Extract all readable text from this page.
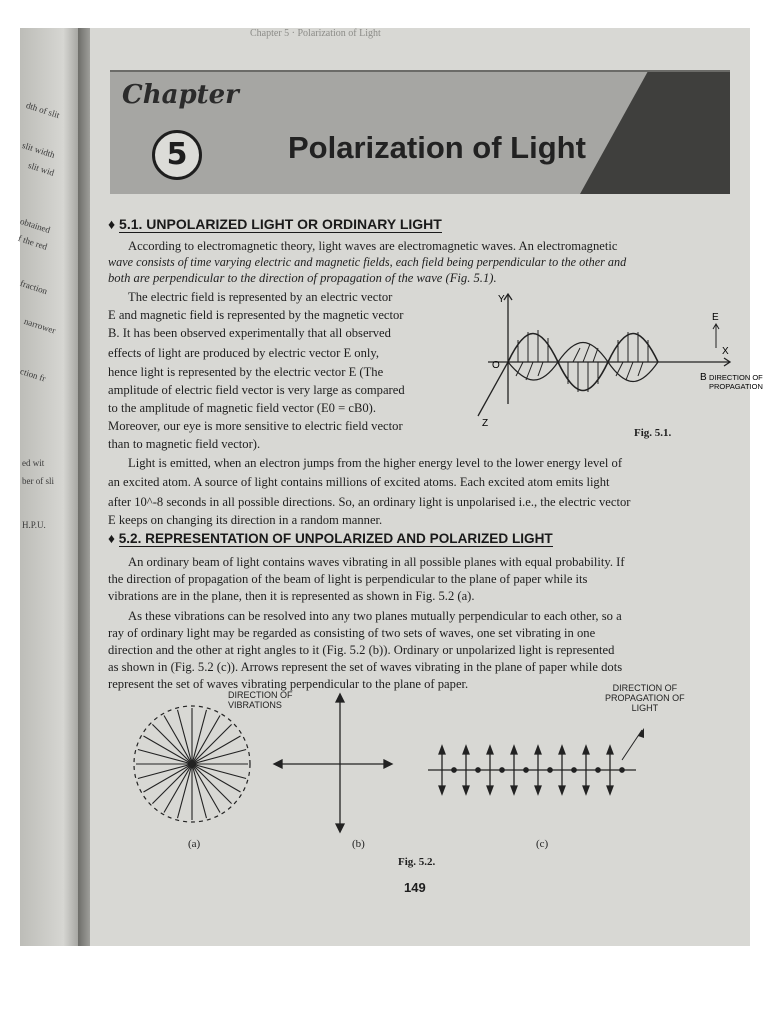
dth of slit
slit width
slit wid
obtained
f the red
fraction
narrower
ction fr
ed wit
ber of sli
H.P.U.
Chapter 5 · Polarization of Light
Chapter
5	Polarization of Light
♦ 5.1. UNPOLARIZED LIGHT OR ORDINARY LIGHT
According to electromagnetic theory, light waves are electromagnetic waves. An electromagnetic
wave consists of time varying electric and magnetic fields, each field being perpendicular to the other and
both are perpendicular to the direction of propagation of the wave (Fig. 5.1).
The electric field is represented by an electric vector
E and magnetic field is represented by the magnetic vector
B. It has been observed experimentally that all observed
effects of light are produced by electric vector E only,
hence light is represented by the electric vector E (The
amplitude of electric field vector is very large as compared
to the amplitude of magnetic field vector (E0 = cB0).
Moreover, our eye is more sensitive to electric field vector
than to magnetic field vector).
Y
X
Z
O
E
B DIRECTION OF
PROPAGATION
Fig. 5.1.
Light is emitted, when an electron jumps from the higher energy level to the lower energy level of
an excited atom. A source of light contains millions of excited atoms. Each excited atom emits light
after 10^-8 seconds in all possible directions. So, an ordinary light is unpolarised i.e., the electric vector
E keeps on changing its direction in a random manner.
♦ 5.2. REPRESENTATION OF UNPOLARIZED AND POLARIZED LIGHT
An ordinary beam of light contains waves vibrating in all possible planes with equal probability. If
the direction of propagation of the beam of light is perpendicular to the plane of paper while its
vibrations are in the plane, then it is represented as shown in Fig. 5.2 (a).
As these vibrations can be resolved into any two planes mutually perpendicular to each other, so a
ray of ordinary light may be regarded as consisting of two sets of waves, one set vibrating in one
direction and the other at right angles to it (Fig. 5.2 (b)). Ordinary or unpolarized light is represented
as shown in (Fig. 5.2 (c)). Arrows represent the set of waves vibrating in the plane of paper while dots
represent the set of waves vibrating perpendicular to the plane of paper.
DIRECTION OF
VIBRATIONS
DIRECTION OF
PROPAGATION OF
LIGHT
(a)	(b)	(c)
Fig. 5.2.
149
